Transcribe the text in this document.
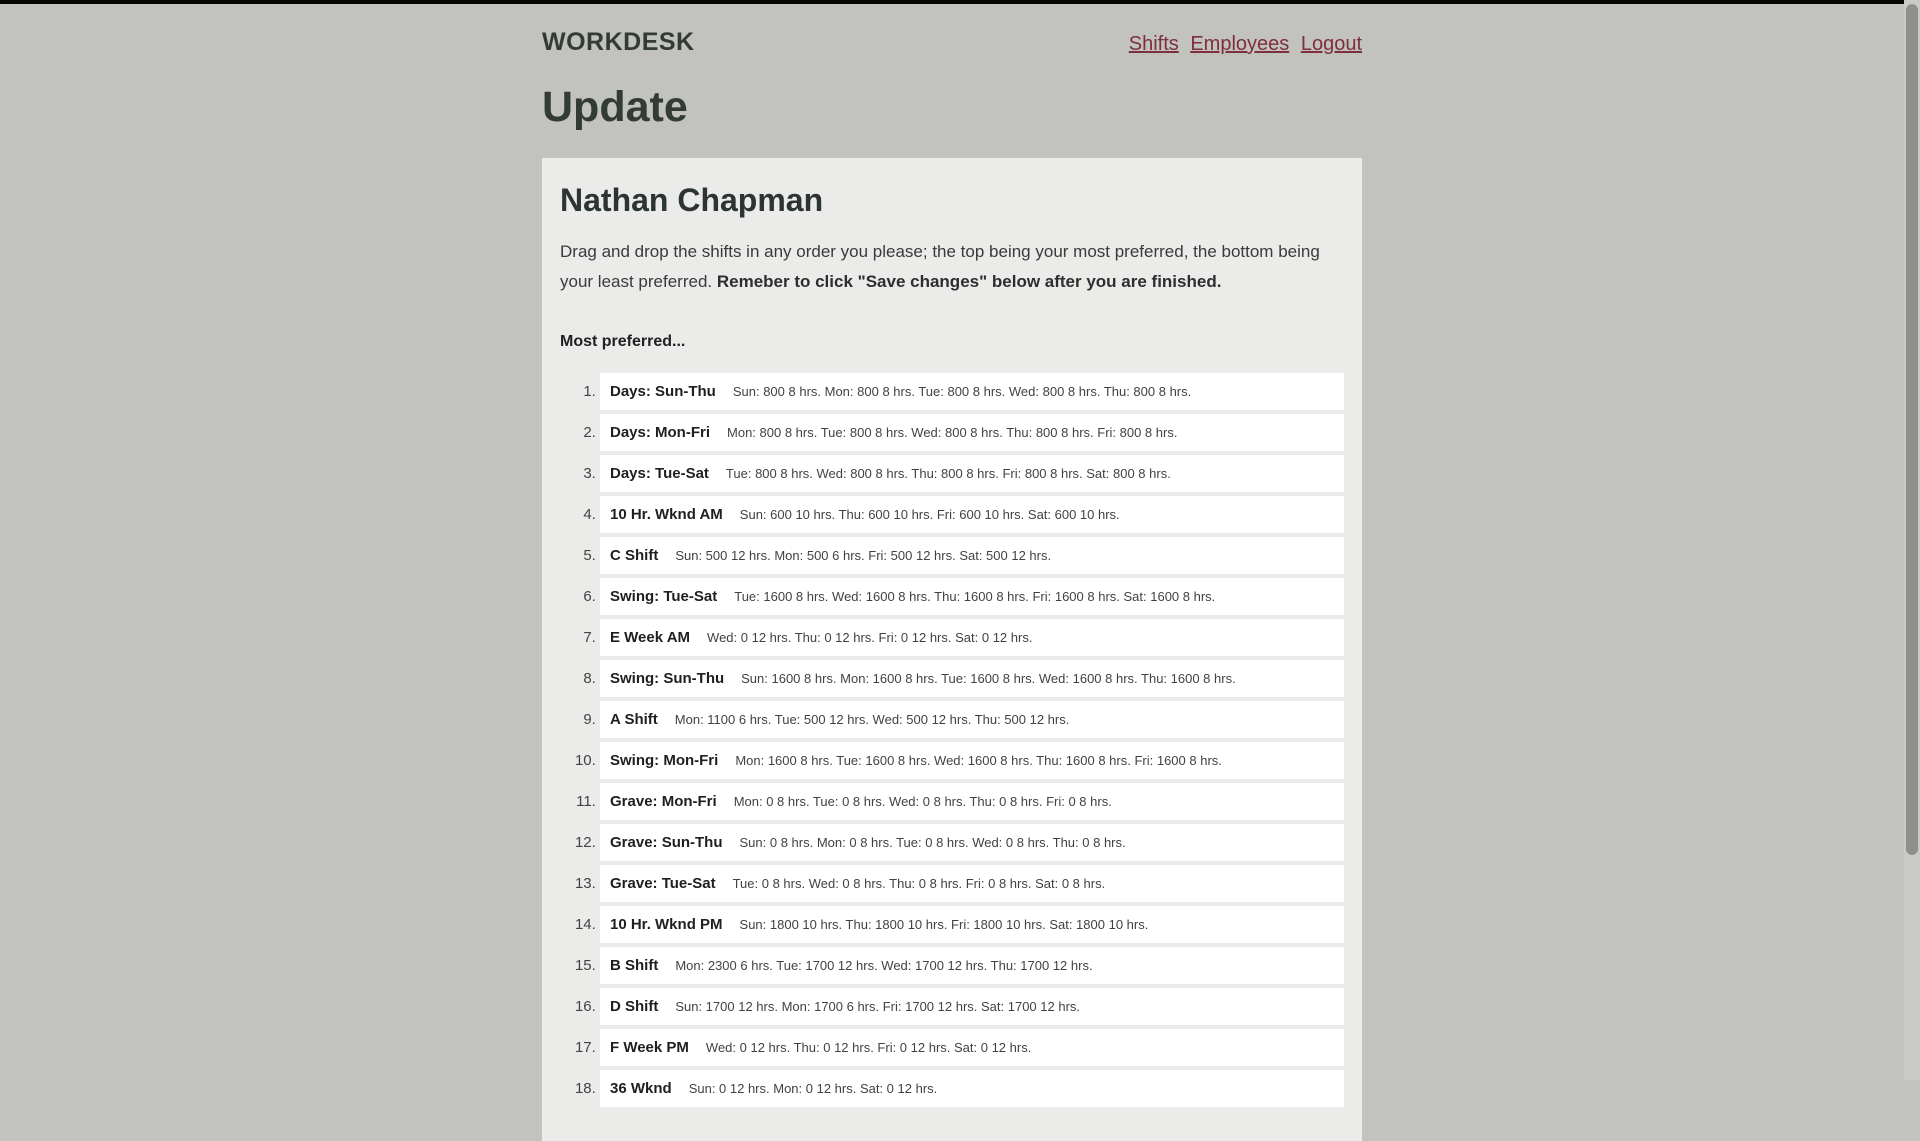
WORKDESK	Shifts Employees Logout
Update
Nathan Chapman

Drag and drop the shifts in any order you please; the top being your most preferred, the bottom being your least preferred. Remeber to click "Save changes" below after you are finished.

Most preferred...

1. Days: Sun-Thu Sun: 800 8 hrs. Mon: 800 8 hrs. Tue: 800 8 hrs. Wed: 800 8 hrs. Thu: 800 8 hrs.
2. Days: Mon-Fri Mon: 800 8 hrs. Tue: 800 8 hrs. Wed: 800 8 hrs. Thu: 800 8 hrs. Fri: 800 8 hrs.
3. Days: Tue-Sat Tue: 800 8 hrs. Wed: 800 8 hrs. Thu: 800 8 hrs. Fri: 800 8 hrs. Sat: 800 8 hrs.
4. 10 Hr. Wknd AM Sun: 600 10 hrs. Thu: 600 10 hrs. Fri: 600 10 hrs. Sat: 600 10 hrs.
5. C Shift Sun: 500 12 hrs. Mon: 500 6 hrs. Fri: 500 12 hrs. Sat: 500 12 hrs.
6. Swing: Tue-Sat Tue: 1600 8 hrs. Wed: 1600 8 hrs. Thu: 1600 8 hrs. Fri: 1600 8 hrs. Sat: 1600 8 hrs.
7. E Week AM Wed: 0 12 hrs. Thu: 0 12 hrs. Fri: 0 12 hrs. Sat: 0 12 hrs.
8. Swing: Sun-Thu Sun: 1600 8 hrs. Mon: 1600 8 hrs. Tue: 1600 8 hrs. Wed: 1600 8 hrs. Thu: 1600 8 hrs.
9. A Shift Mon: 1100 6 hrs. Tue: 500 12 hrs. Wed: 500 12 hrs. Thu: 500 12 hrs.
10. Swing: Mon-Fri Mon: 1600 8 hrs. Tue: 1600 8 hrs. Wed: 1600 8 hrs. Thu: 1600 8 hrs. Fri: 1600 8 hrs.
11. Grave: Mon-Fri Mon: 0 8 hrs. Tue: 0 8 hrs. Wed: 0 8 hrs. Thu: 0 8 hrs. Fri: 0 8 hrs.
12. Grave: Sun-Thu Sun: 0 8 hrs. Mon: 0 8 hrs. Tue: 0 8 hrs. Wed: 0 8 hrs. Thu: 0 8 hrs.
13. Grave: Tue-Sat Tue: 0 8 hrs. Wed: 0 8 hrs. Thu: 0 8 hrs. Fri: 0 8 hrs. Sat: 0 8 hrs.
14. 10 Hr. Wknd PM Sun: 1800 10 hrs. Thu: 1800 10 hrs. Fri: 1800 10 hrs. Sat: 1800 10 hrs.
15. B Shift Mon: 2300 6 hrs. Tue: 1700 12 hrs. Wed: 1700 12 hrs. Thu: 1700 12 hrs.
16. D Shift Sun: 1700 12 hrs. Mon: 1700 6 hrs. Fri: 1700 12 hrs. Sat: 1700 12 hrs.
17. F Week PM Wed: 0 12 hrs. Thu: 0 12 hrs. Fri: 0 12 hrs. Sat: 0 12 hrs.
18. 36 Wknd Sun: 0 12 hrs. Mon: 0 12 hrs. Sat: 0 12 hrs.
